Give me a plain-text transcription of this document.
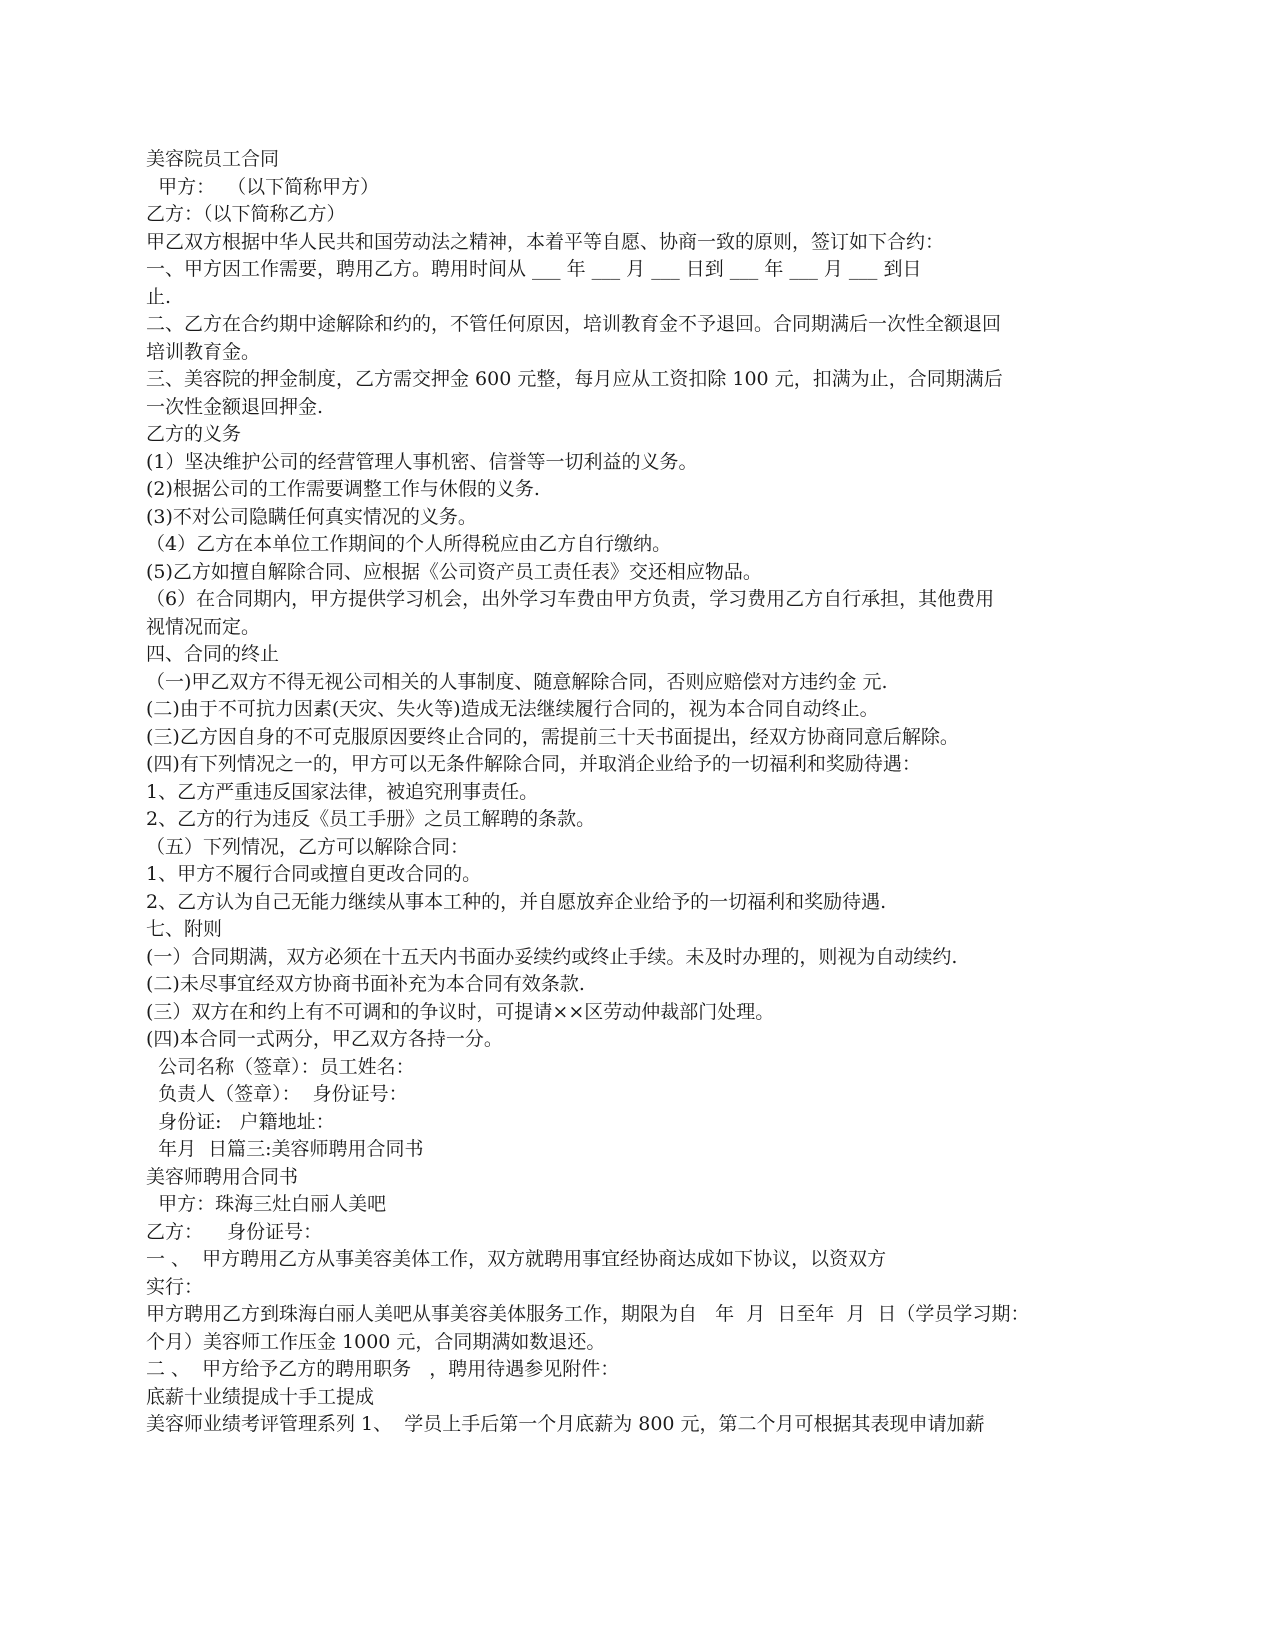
美容院员工合同
甲方：  （以下简称甲方）
乙方：（以下简称乙方）
甲乙双方根据中华人民共和国劳动法之精神，本着平等自愿、协商一致的原则，签订如下合约：
一、甲方因工作需要，聘用乙方。聘用时间从 ___ 年 ___ 月 ___ 日到 ___ 年 ___ 月 ___ 到日
止.
二、乙方在合约期中途解除和约的，不管任何原因，培训教育金不予退回。合同期满后一次性全额退回
培训教育金。
三、美容院的押金制度，乙方需交押金 600 元整，每月应从工资扣除 100 元，扣满为止，合同期满后
一次性金额退回押金.
乙方的义务
(1）坚决维护公司的经营管理人事机密、信誉等一切利益的义务。
(2)根据公司的工作需要调整工作与休假的义务.
(3)不对公司隐瞒任何真实情况的义务。
（4）乙方在本单位工作期间的个人所得税应由乙方自行缴纳。
(5)乙方如擅自解除合同、应根据《公司资产员工责任表》交还相应物品。
（6）在合同期内，甲方提供学习机会，出外学习车费由甲方负责，学习费用乙方自行承担，其他费用
视情况而定。
四、合同的终止
（一)甲乙双方不得无视公司相关的人事制度、随意解除合同，否则应赔偿对方违约金 元.
(二)由于不可抗力因素(天灾、失火等)造成无法继续履行合同的，视为本合同自动终止。
(三)乙方因自身的不可克服原因要终止合同的，需提前三十天书面提出，经双方协商同意后解除。
(四)有下列情况之一的，甲方可以无条件解除合同，并取消企业给予的一切福利和奖励待遇：
1、乙方严重违反国家法律，被追究刑事责任。
2、乙方的行为违反《员工手册》之员工解聘的条款。
（五）下列情况，乙方可以解除合同：
1、甲方不履行合同或擅自更改合同的。
2、乙方认为自己无能力继续从事本工种的，并自愿放弃企业给予的一切福利和奖励待遇.
七、附则
(一）合同期满，双方必须在十五天内书面办妥续约或终止手续。未及时办理的，则视为自动续约.
(二)未尽事宜经双方协商书面补充为本合同有效条款.
(三）双方在和约上有不可调和的争议时，可提请××区劳动仲裁部门处理。
(四)本合同一式两分，甲乙双方各持一分。
公司名称（签章）：员工姓名：
负责人（签章）：  身份证号：
身份证:   户籍地址：
年月  日篇三:美容师聘用合同书
美容师聘用合同书
甲方：珠海三灶白丽人美吧
乙方：    身份证号：
一 、  甲方聘用乙方从事美容美体工作，双方就聘用事宜经协商达成如下协议，以资双方
实行：
甲方聘用乙方到珠海白丽人美吧从事美容美体服务工作，期限为自   年  月  日至年  月  日（学员学习期：
个月）美容师工作压金 1000 元，合同期满如数退还。
二 、  甲方给予乙方的聘用职务   ，聘用待遇参见附件：
底薪十业绩提成十手工提成
美容师业绩考评管理系列 1、  学员上手后第一个月底薪为 800 元，第二个月可根据其表现申请加薪
